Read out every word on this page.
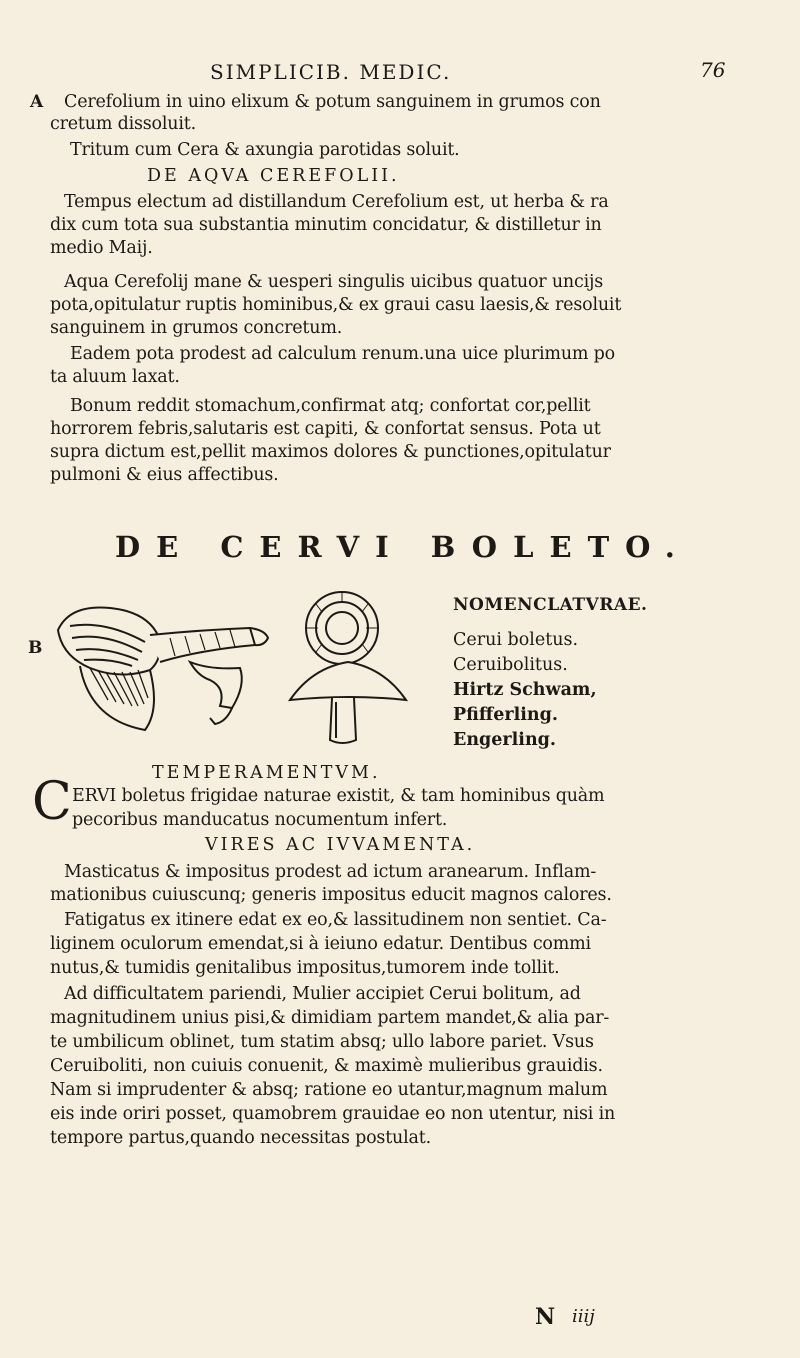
SIMPLICIB. MEDIC.	76
A Cerefolium in uino elixum & potum sanguinem in grumos con
cretum dissoluit.
Tritum cum Cera & axungia parotidas soluit.
DE AQVA CEREFOLII.
Tempus electum ad distillandum Cerefolium est, ut herba & ra
dix cum tota sua substantia minutim concidatur, & distilletur in
medio Maij.
Aqua Cerefolij mane & uesperi singulis uicibus quatuor uncijs
pota,opitulatur ruptis hominibus,& ex graui casu laesis,& resoluit
sanguinem in grumos concretum.
Eadem pota prodest ad calculum renum.una uice plurimum po
ta aluum laxat.
Bonum reddit stomachum,confirmat atq; confortat cor,pellit
horrorem febris,salutaris est capiti, & confortat sensus. Pota ut
supra dictum est,pellit maximos dolores & punctiones,opitulatur
pulmoni & eius affectibus.
DE CERVI BOLETO.
B
NOMENCLATVRAE.
Cerui boletus.
Ceruibolitus.
Hirtz Schwam,
Pfifferling.
Engerling.
TEMPERAMENTVM.
C ERVI boletus frigidae naturae existit, & tam hominibus quàm
pecoribus manducatus nocumentum infert.
VIRES AC IVVAMENTA.
Masticatus & impositus prodest ad ictum aranearum. Inflam-
mationibus cuiuscunq; generis impositus educit magnos calores.
Fatigatus ex itinere edat ex eo,& lassitudinem non sentiet. Ca-
liginem oculorum emendat,si à ieiuno edatur. Dentibus commi
nutus,& tumidis genitalibus impositus,tumorem inde tollit.
Ad difficultatem pariendi, Mulier accipiet Cerui bolitum, ad
magnitudinem unius pisi,& dimidiam partem mandet,& alia par-
te umbilicum oblinet, tum statim absq; ullo labore pariet. Vsus
Ceruiboliti, non cuiuis conuenit, & maximè mulieribus grauidis.
Nam si imprudenter & absq; ratione eo utantur,magnum malum
eis inde oriri posset, quamobrem grauidae eo non utentur, nisi in
tempore partus,quando necessitas postulat.
N iiij
